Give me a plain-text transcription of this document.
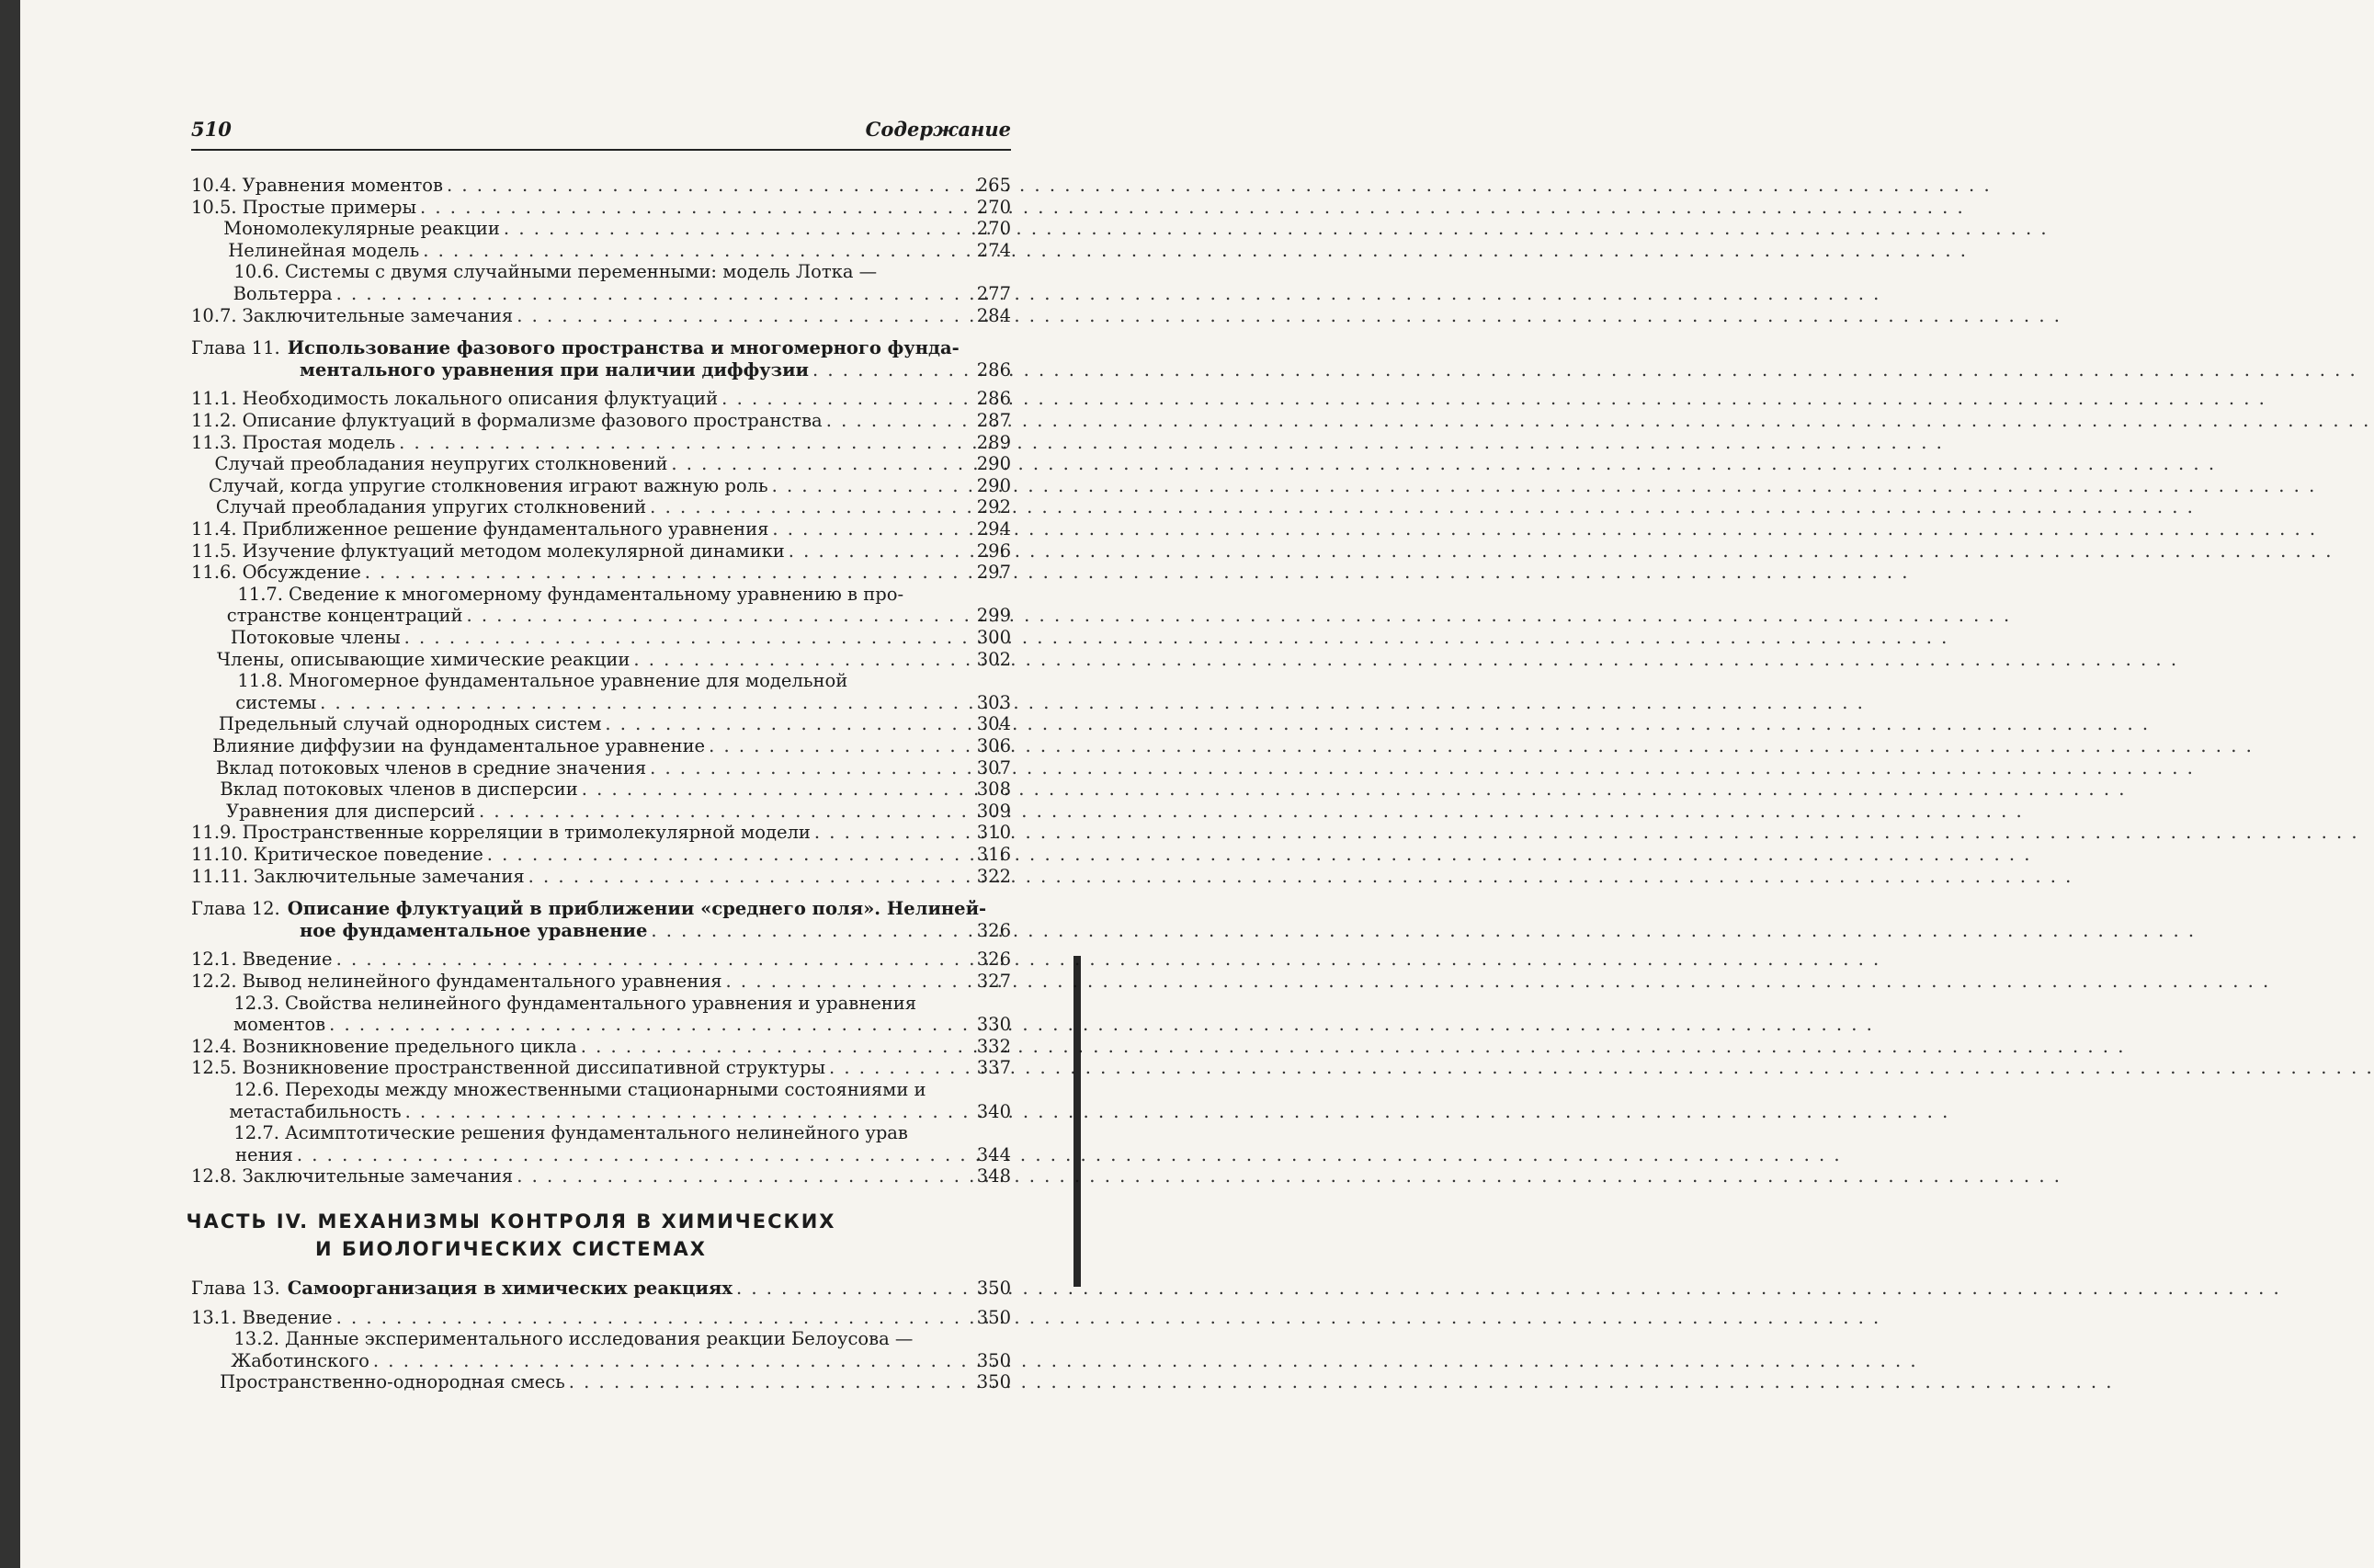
510	Содержание
10.4. Уравнения моментов . . .	265
10.5. Простые примеры . . .	270
Мономолекулярные реакции . . .	270
Нелинейная модель . . .	274
10.6. Системы с двумя случайными переменными: модель Лотка —
Вольтерра . . .	277
10.7. Заключительные замечания . . .	284
Глава 11. Использование фазового пространства и многомерного фунда-
ментального уравнения при наличии диффузии . . .	286
11.1. Необходимость локального описания флуктуаций . . .	286
11.2. Описание флуктуаций в формализме фазового пространства . . .	287
11.3. Простая модель . . .	289
Случай преобладания неупругих столкновений . . .	290
Случай, когда упругие столкновения играют важную роль . . .	290
Случай преобладания упругих столкновений . . .	292
11.4. Приближенное решение фундаментального уравнения . . .	294
11.5. Изучение флуктуаций методом молекулярной динамики . . .	296
11.6. Обсуждение . . .	297
11.7. Сведение к многомерному фундаментальному уравнению в про-
странстве концентраций . . .	299
Потоковые члены . . .	300
Члены, описывающие химические реакции . . .	302
11.8. Многомерное фундаментальное уравнение для модельной
системы . . .	303
Предельный случай однородных систем . . .	304
Влияние диффузии на фундаментальное уравнение . . .	306
Вклад потоковых членов в средние значения . . .	307
Вклад потоковых членов в дисперсии . . .	308
Уравнения для дисперсий . . .	309
11.9. Пространственные корреляции в тримолекулярной модели . . .	310
11.10. Критическое поведение . . .	316
11.11. Заключительные замечания . . .	322
Глава 12. Описание флуктуаций в приближении «среднего поля». Нелиней-
ное фундаментальное уравнение . . .	326
12.1. Введение . . .	326
12.2. Вывод нелинейного фундаментального уравнения . . .	327
12.3. Свойства нелинейного фундаментального уравнения и уравнения
моментов . . .	330
12.4. Возникновение предельного цикла . . .	332
12.5. Возникновение пространственной диссипативной структуры . . .	337
12.6. Переходы между множественными стационарными состояниями и
метастабильность . . .	340
12.7. Асимптотические решения фундаментального нелинейного урав
нения . . .	344
12.8. Заключительные замечания . . .	348
ЧАСТЬ IV. МЕХАНИЗМЫ КОНТРОЛЯ В ХИМИЧЕСКИХ
И БИОЛОГИЧЕСКИХ СИСТЕМАХ
Глава 13. Самоорганизация в химических реакциях . . .	350
13.1. Введение . . .	350
13.2. Данные экспериментального исследования реакции Белоусова —
Жаботинского . . .	350
Пространственно-однородная смесь . . .	350
